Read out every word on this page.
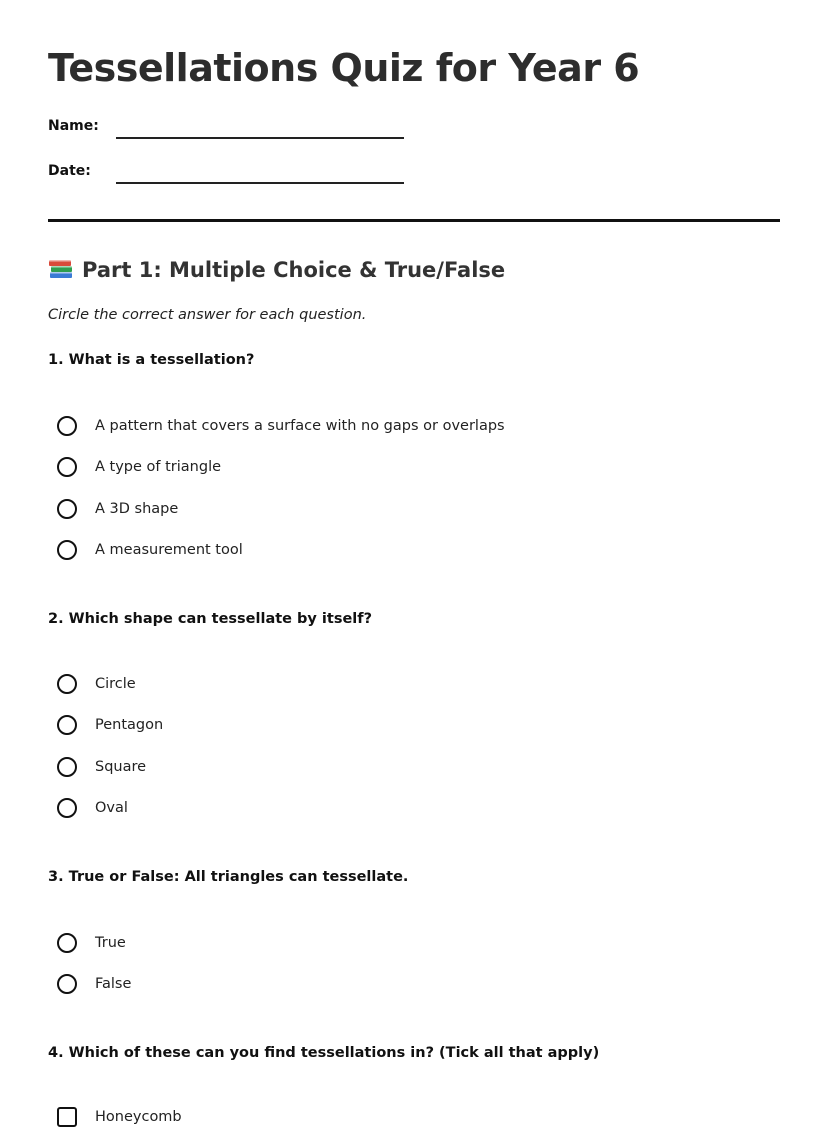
Tessellations Quiz for Year 6
Name:
Date:
Part 1: Multiple Choice & True/False
Circle the correct answer for each question.
1. What is a tessellation?
A pattern that covers a surface with no gaps or overlaps
A type of triangle
A 3D shape
A measurement tool
2. Which shape can tessellate by itself?
Circle
Pentagon
Square
Oval
3. True or False: All triangles can tessellate.
True
False
4. Which of these can you find tessellations in? (Tick all that apply)
Honeycomb
